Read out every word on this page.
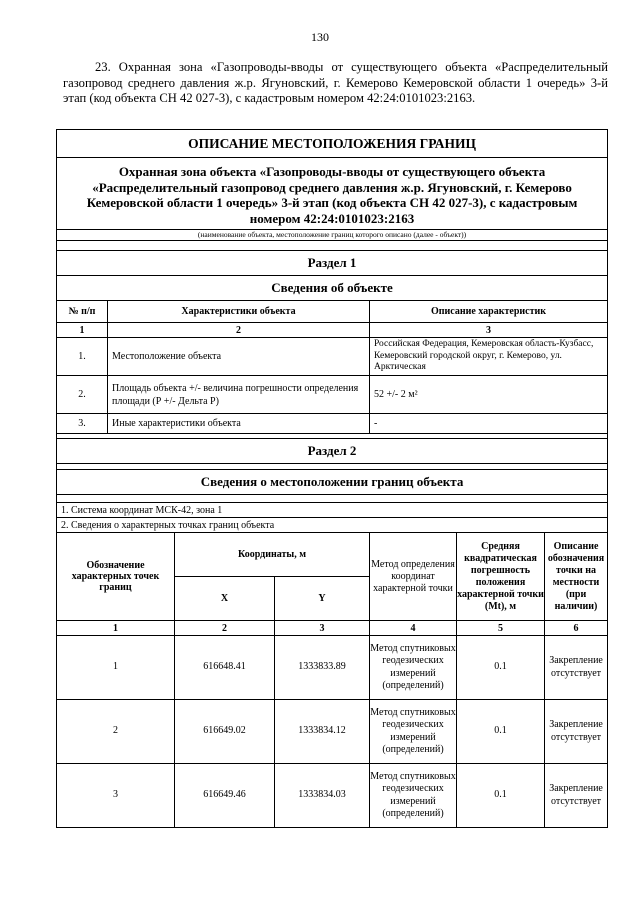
130
23. Охранная зона «Газопроводы-вводы от существующего объекта «Распределительный газопровод среднего давления ж.р. Ягуновский, г. Кемерово Кемеровской области 1 очередь» 3-й этап (код объекта СН 42 027-3), с кадастровым номером 42:24:0101023:2163.
ОПИСАНИЕ МЕСТОПОЛОЖЕНИЯ ГРАНИЦ						
Охранная зона объекта «Газопроводы-вводы от существующего объекта «Распределительный газопровод среднего давления ж.р. Ягуновский, г. Кемерово Кемеровской области 1 очередь» 3-й этап (код объекта СН 42 027-3), с кадастровым номером 42:24:0101023:2163						
(наименование объекта, местоположение границ которого описано (далее - объект))						

Раздел 1						
Сведения об объекте						
№ п/п	Характеристики объекта			Описание характеристик		
1	2			3		
1.	Местоположение объекта			Российская Федерация, Кемеровская область-Кузбасс, Кемеровский городской округ, г. Кемерово, ул. Арктическая		
2.	Площадь объекта +/- величина погрешности определения площади (Р +/- Дельта Р)			52 +/- 2 м²		
3.	Иные характеристики объекта			-		

Раздел 2						

Сведения о местоположении границ объекта						

1. Система координат МСК-42, зона 1						
2. Сведения о характерных точках границ объекта						
Обозначение характерных точек границ		Координаты, м		Метод определения координат характерной точки	Средняя квадратическая погрешность положения характерной точки (Mt), м	Описание обозначения точки на местности (при наличии)
		X	Y			
1		2	3	4	5	6
1		616648.41	1333833.89	Метод спутниковых геодезических измерений (определений)	0.1	Закрепление отсутствует
2		616649.02	1333834.12	Метод спутниковых геодезических измерений (определений)	0.1	Закрепление отсутствует
3		616649.46	1333834.03	Метод спутниковых геодезических измерений (определений)	0.1	Закрепление отсутствует
